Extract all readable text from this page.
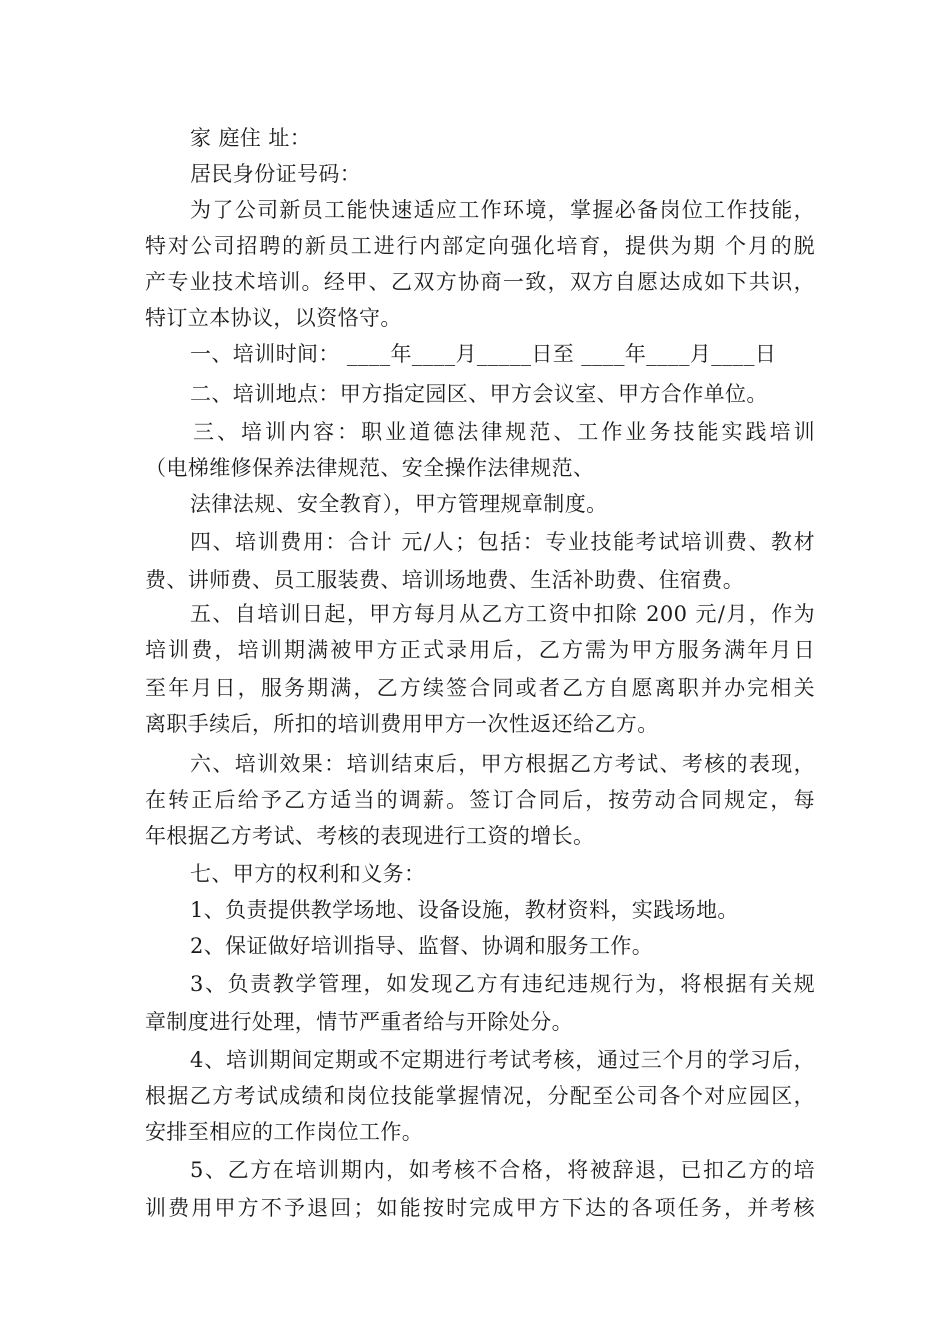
家 庭住 址：
居民身份证号码：
为了公司新员工能快速适应工作环境，掌握必备岗位工作技能，
特对公司招聘的新员工进行内部定向强化培育，提供为期 个月的脱
产专业技术培训。经甲、乙双方协商一致，双方自愿达成如下共识，
特订立本协议，以资恪守。
一、培训时间： ____年____月_____日至 ____年____月____日
二、培训地点：甲方指定园区、甲方会议室、甲方合作单位。
三、培训内容：职业道德法律规范、工作业务技能实践培训
（电梯维修保养法律规范、安全操作法律规范、
法律法规、安全教育），甲方管理规章制度。
四、培训费用：合计 元/人；包括：专业技能考试培训费、教材
费、讲师费、员工服装费、培训场地费、生活补助费、住宿费。
五、自培训日起，甲方每月从乙方工资中扣除 200 元/月，作为
培训费，培训期满被甲方正式录用后，乙方需为甲方服务满年月日
至年月日，服务期满，乙方续签合同或者乙方自愿离职并办完相关
离职手续后，所扣的培训费用甲方一次性返还给乙方。
六、培训效果：培训结束后，甲方根据乙方考试、考核的表现，
在转正后给予乙方适当的调薪。签订合同后，按劳动合同规定，每
年根据乙方考试、考核的表现进行工资的增长。
七、甲方的权利和义务：
1、负责提供教学场地、设备设施，教材资料，实践场地。
2、保证做好培训指导、监督、协调和服务工作。
3、负责教学管理，如发现乙方有违纪违规行为，将根据有关规
章制度进行处理，情节严重者给与开除处分。
4、培训期间定期或不定期进行考试考核，通过三个月的学习后，
根据乙方考试成绩和岗位技能掌握情况，分配至公司各个对应园区，
安排至相应的工作岗位工作。
5、乙方在培训期内，如考核不合格，将被辞退，已扣乙方的培
训费用甲方不予退回；如能按时完成甲方下达的各项任务，并考核
